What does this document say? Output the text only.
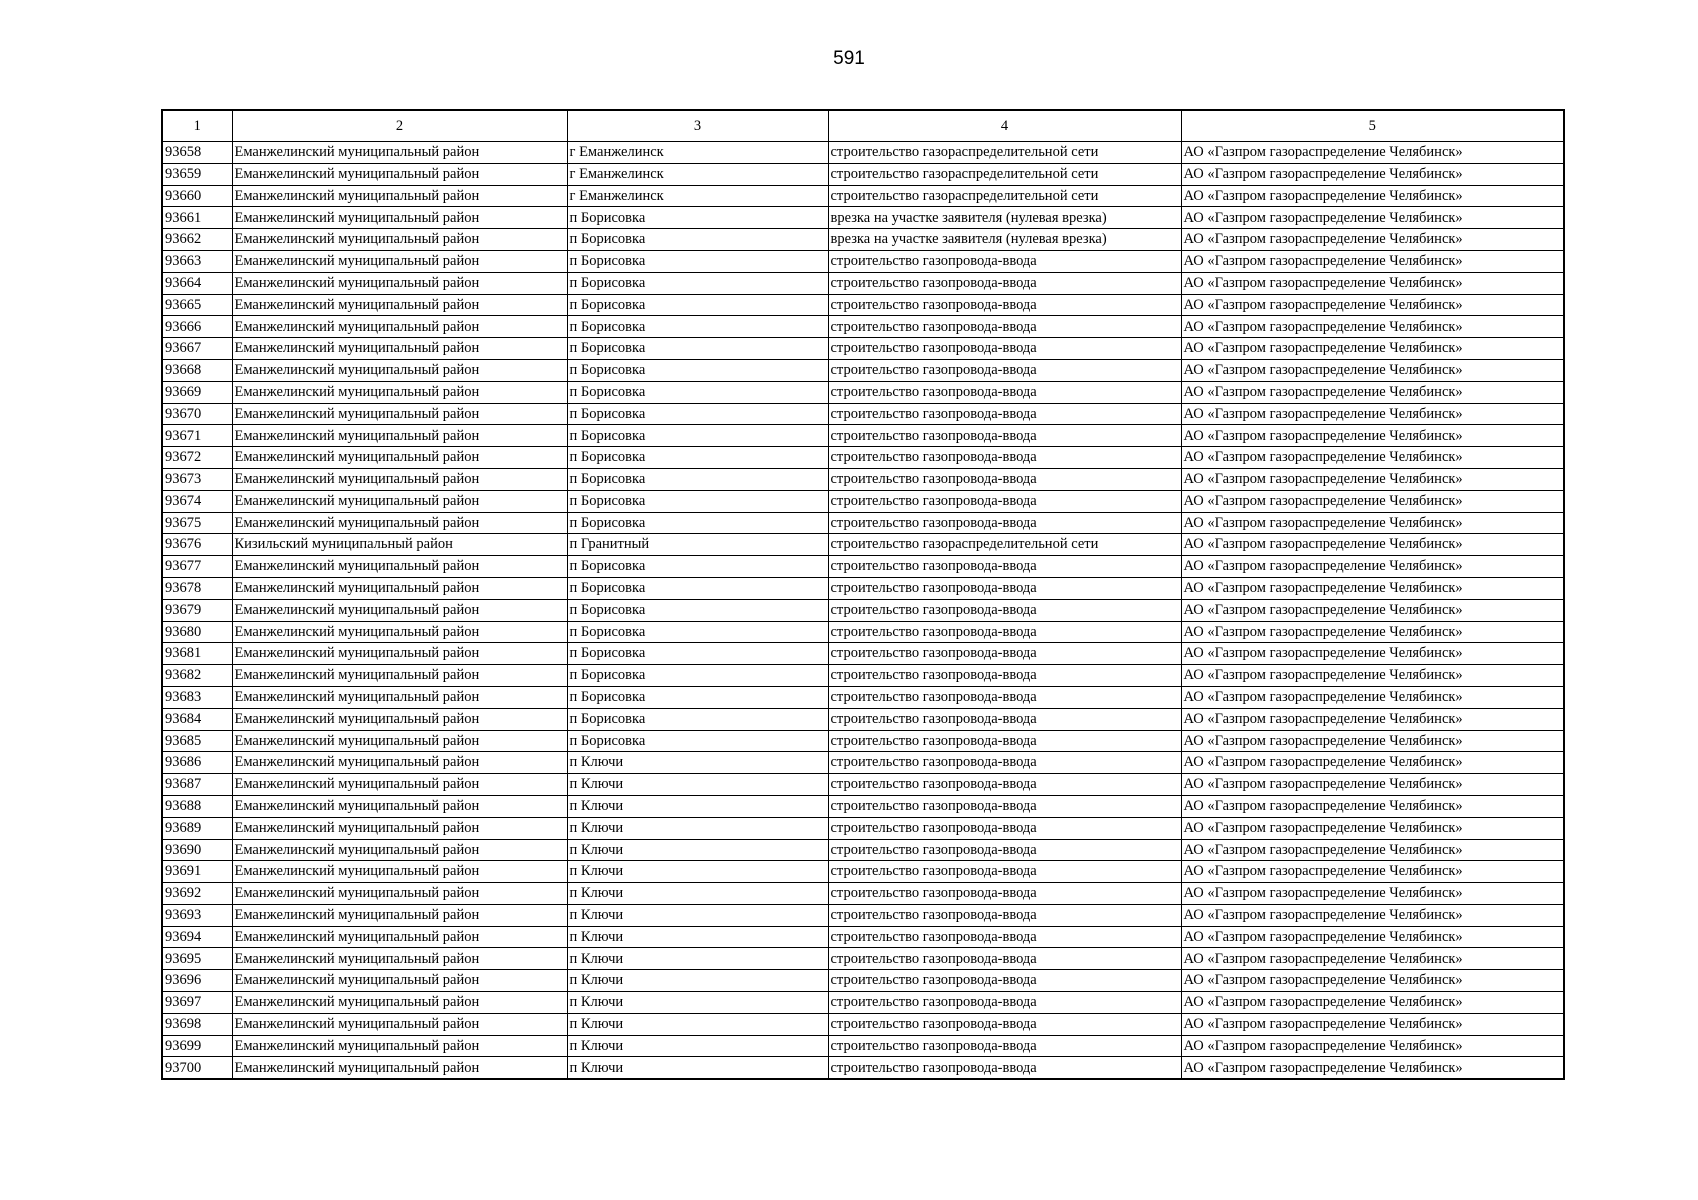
591
1	2	3	4	5
93658	Еманжелинский муниципальный район	г Еманжелинск	строительство газораспределительной сети	АО «Газпром газораспределение Челябинск»
93659	Еманжелинский муниципальный район	г Еманжелинск	строительство газораспределительной сети	АО «Газпром газораспределение Челябинск»
93660	Еманжелинский муниципальный район	г Еманжелинск	строительство газораспределительной сети	АО «Газпром газораспределение Челябинск»
93661	Еманжелинский муниципальный район	п Борисовка	врезка на участке заявителя (нулевая врезка)	АО «Газпром газораспределение Челябинск»
93662	Еманжелинский муниципальный район	п Борисовка	врезка на участке заявителя (нулевая врезка)	АО «Газпром газораспределение Челябинск»
93663	Еманжелинский муниципальный район	п Борисовка	строительство газопровода-ввода	АО «Газпром газораспределение Челябинск»
93664	Еманжелинский муниципальный район	п Борисовка	строительство газопровода-ввода	АО «Газпром газораспределение Челябинск»
93665	Еманжелинский муниципальный район	п Борисовка	строительство газопровода-ввода	АО «Газпром газораспределение Челябинск»
93666	Еманжелинский муниципальный район	п Борисовка	строительство газопровода-ввода	АО «Газпром газораспределение Челябинск»
93667	Еманжелинский муниципальный район	п Борисовка	строительство газопровода-ввода	АО «Газпром газораспределение Челябинск»
93668	Еманжелинский муниципальный район	п Борисовка	строительство газопровода-ввода	АО «Газпром газораспределение Челябинск»
93669	Еманжелинский муниципальный район	п Борисовка	строительство газопровода-ввода	АО «Газпром газораспределение Челябинск»
93670	Еманжелинский муниципальный район	п Борисовка	строительство газопровода-ввода	АО «Газпром газораспределение Челябинск»
93671	Еманжелинский муниципальный район	п Борисовка	строительство газопровода-ввода	АО «Газпром газораспределение Челябинск»
93672	Еманжелинский муниципальный район	п Борисовка	строительство газопровода-ввода	АО «Газпром газораспределение Челябинск»
93673	Еманжелинский муниципальный район	п Борисовка	строительство газопровода-ввода	АО «Газпром газораспределение Челябинск»
93674	Еманжелинский муниципальный район	п Борисовка	строительство газопровода-ввода	АО «Газпром газораспределение Челябинск»
93675	Еманжелинский муниципальный район	п Борисовка	строительство газопровода-ввода	АО «Газпром газораспределение Челябинск»
93676	Кизильский муниципальный район	п Гранитный	строительство газораспределительной сети	АО «Газпром газораспределение Челябинск»
93677	Еманжелинский муниципальный район	п Борисовка	строительство газопровода-ввода	АО «Газпром газораспределение Челябинск»
93678	Еманжелинский муниципальный район	п Борисовка	строительство газопровода-ввода	АО «Газпром газораспределение Челябинск»
93679	Еманжелинский муниципальный район	п Борисовка	строительство газопровода-ввода	АО «Газпром газораспределение Челябинск»
93680	Еманжелинский муниципальный район	п Борисовка	строительство газопровода-ввода	АО «Газпром газораспределение Челябинск»
93681	Еманжелинский муниципальный район	п Борисовка	строительство газопровода-ввода	АО «Газпром газораспределение Челябинск»
93682	Еманжелинский муниципальный район	п Борисовка	строительство газопровода-ввода	АО «Газпром газораспределение Челябинск»
93683	Еманжелинский муниципальный район	п Борисовка	строительство газопровода-ввода	АО «Газпром газораспределение Челябинск»
93684	Еманжелинский муниципальный район	п Борисовка	строительство газопровода-ввода	АО «Газпром газораспределение Челябинск»
93685	Еманжелинский муниципальный район	п Борисовка	строительство газопровода-ввода	АО «Газпром газораспределение Челябинск»
93686	Еманжелинский муниципальный район	п Ключи	строительство газопровода-ввода	АО «Газпром газораспределение Челябинск»
93687	Еманжелинский муниципальный район	п Ключи	строительство газопровода-ввода	АО «Газпром газораспределение Челябинск»
93688	Еманжелинский муниципальный район	п Ключи	строительство газопровода-ввода	АО «Газпром газораспределение Челябинск»
93689	Еманжелинский муниципальный район	п Ключи	строительство газопровода-ввода	АО «Газпром газораспределение Челябинск»
93690	Еманжелинский муниципальный район	п Ключи	строительство газопровода-ввода	АО «Газпром газораспределение Челябинск»
93691	Еманжелинский муниципальный район	п Ключи	строительство газопровода-ввода	АО «Газпром газораспределение Челябинск»
93692	Еманжелинский муниципальный район	п Ключи	строительство газопровода-ввода	АО «Газпром газораспределение Челябинск»
93693	Еманжелинский муниципальный район	п Ключи	строительство газопровода-ввода	АО «Газпром газораспределение Челябинск»
93694	Еманжелинский муниципальный район	п Ключи	строительство газопровода-ввода	АО «Газпром газораспределение Челябинск»
93695	Еманжелинский муниципальный район	п Ключи	строительство газопровода-ввода	АО «Газпром газораспределение Челябинск»
93696	Еманжелинский муниципальный район	п Ключи	строительство газопровода-ввода	АО «Газпром газораспределение Челябинск»
93697	Еманжелинский муниципальный район	п Ключи	строительство газопровода-ввода	АО «Газпром газораспределение Челябинск»
93698	Еманжелинский муниципальный район	п Ключи	строительство газопровода-ввода	АО «Газпром газораспределение Челябинск»
93699	Еманжелинский муниципальный район	п Ключи	строительство газопровода-ввода	АО «Газпром газораспределение Челябинск»
93700	Еманжелинский муниципальный район	п Ключи	строительство газопровода-ввода	АО «Газпром газораспределение Челябинск»
